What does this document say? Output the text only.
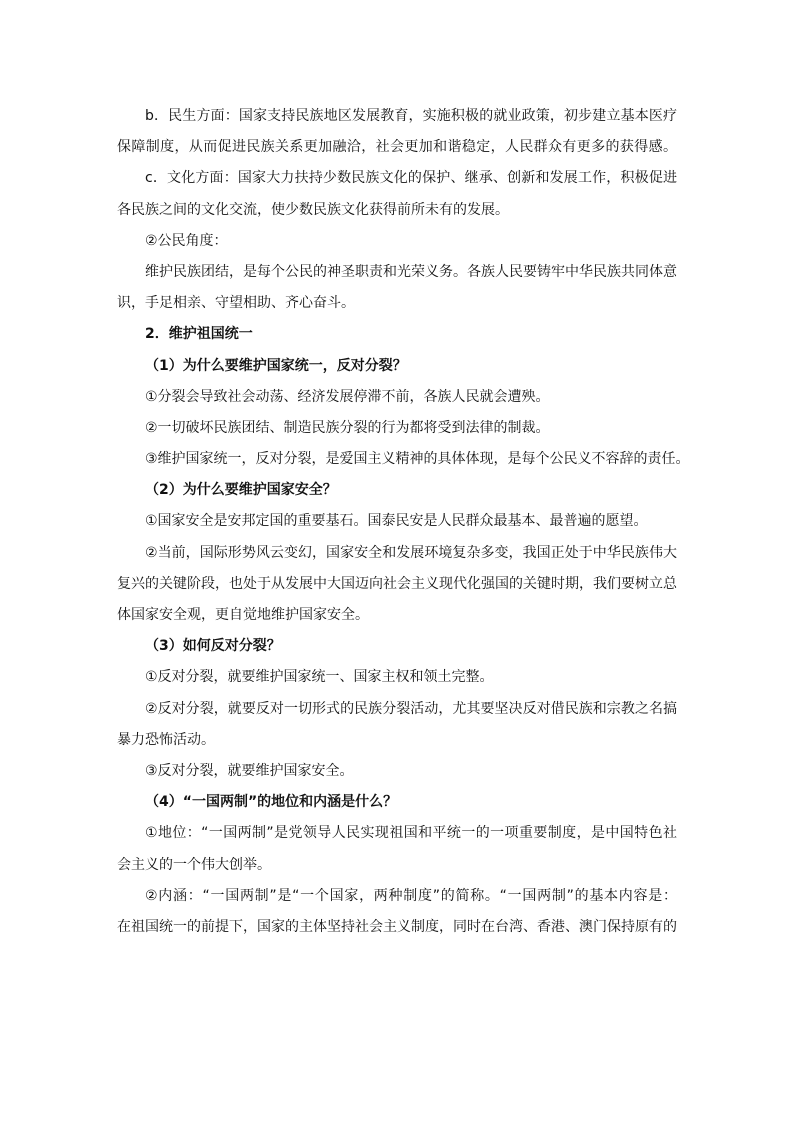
b．民生方面：国家支持民族地区发展教育，实施积极的就业政策，初步建立基本医疗
保障制度，从而促进民族关系更加融洽，社会更加和谐稳定，人民群众有更多的获得感。
c．文化方面：国家大力扶持少数民族文化的保护、继承、创新和发展工作，积极促进
各民族之间的文化交流，使少数民族文化获得前所未有的发展。
②公民角度：
维护民族团结，是每个公民的神圣职责和光荣义务。各族人民要铸牢中华民族共同体意
识，手足相亲、守望相助、齐心奋斗。
2．维护祖国统一
（1）为什么要维护国家统一，反对分裂？
①分裂会导致社会动荡、经济发展停滞不前，各族人民就会遭殃。
②一切破坏民族团结、制造民族分裂的行为都将受到法律的制裁。
③维护国家统一，反对分裂，是爱国主义精神的具体体现，是每个公民义不容辞的责任。
（2）为什么要维护国家安全？
①国家安全是安邦定国的重要基石。国泰民安是人民群众最基本、最普遍的愿望。
②当前，国际形势风云变幻，国家安全和发展环境复杂多变，我国正处于中华民族伟大
复兴的关键阶段，也处于从发展中大国迈向社会主义现代化强国的关键时期，我们要树立总
体国家安全观，更自觉地维护国家安全。
（3）如何反对分裂？
①反对分裂，就要维护国家统一、国家主权和领土完整。
②反对分裂，就要反对一切形式的民族分裂活动，尤其要坚决反对借民族和宗教之名搞
暴力恐怖活动。
③反对分裂，就要维护国家安全。
（4）“一国两制”的地位和内涵是什么？
①地位：“一国两制”是党领导人民实现祖国和平统一的一项重要制度，是中国特色社
会主义的一个伟大创举。
②内涵：“一国两制”是“一个国家，两种制度”的简称。“一国两制”的基本内容是：
在祖国统一的前提下，国家的主体坚持社会主义制度，同时在台湾、香港、澳门保持原有的
